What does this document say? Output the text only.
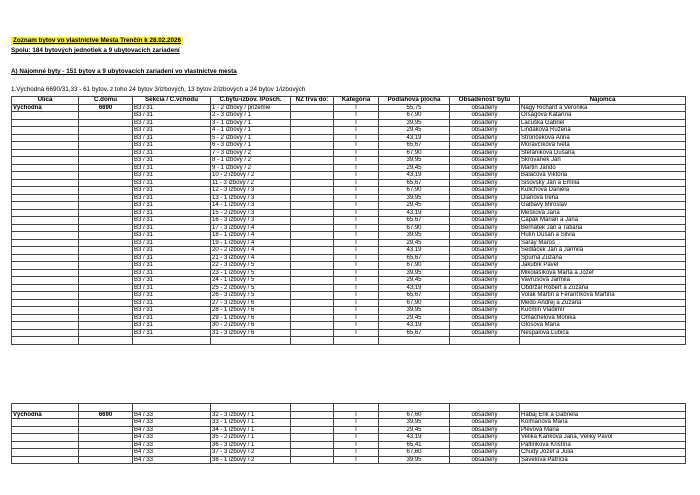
Zoznam bytov vo vlastníctve Mesta Trenčín k 28.02.2026
Spolu: 184 bytových jednotiek a 9 ubytovacích zariadení
A) Nájomné byty - 151 bytov a 9 ubytovacích zariadení vo vlastníctve mesta
1.Východná 6690/31,33 - 61 bytov, z toho 24 bytov 3/izbových, 13 bytov 2/izbových a 24 bytov 1/izbových
Ulica	C.domu	Sekcia / C.vchodu	C.bytu-izbov. /Posch.	NZ trva do:	Kategória	Podlahová plocha	Obsadenosť bytu	Nájomca
Východná	6690	B3 / 31	1 - 2 izbový / prizemie		I	55,75	obsadený	Nagy Richard a Veronika
		B3 / 31	2 - 3 izbový / 1		I	67,90	obsadený	Orságová Katarína
		B3 / 31	3 - 1 izbový / 1		I	39,95	obsadený	Lacuška Gabriel
		B3 / 31	4 - 1 izbový / 1		I	29,45	obsadený	Lindáková Ružena
		B3 / 31	5 - 2 izbový / 1		I	43,19	obsadený	Strončeková Anna
		B3 / 31	6 - 3 izbový / 1		I	65,67	obsadený	Moravčíková Iveta
		B3 / 31	7 - 3 izbový / 2		I	67,90	obsadený	Štefániková Dušana
		B3 / 31	8 - 1 izbový / 2		I	39,95	obsadený	Škrovánek Ján
		B3 / 31	9 - 1 izbový / 2		I	29,45	obsadený	Martin Jando
		B3 / 31	10 - 2 izbový / 2		I	43,19	obsadený	Baláčová Viktória
		B3 / 31	11 - 3 izbový / 2		I	65,67	obsadený	Šišovský Ján a Emília
		B3 / 31	12 - 3 izbový / 3		I	67,90	obsadený	Kulichová Daniela
		B3 / 31	13 - 1 izbový / 3		I	39,95	obsadený	Dianová Irena
		B3 / 31	14 - 1 izbový / 3		I	29,45	obsadený	Galbavý Miroslav
		B3 / 31	15 - 2 izbový / 3		I	43,19	obsadený	Mešková Jana
		B3 / 31	16 - 3 izbový / 3		I	65,67	obsadený	Čapák Marián a Jana
		B3 / 31	17 - 3 izbový / 4		I	67,90	obsadený	Bernátek Ján a Tatiana
		B3 / 31	18 - 1 izbový / 4		I	39,95	obsadený	Hulín Dušan a Silvia
		B3 / 31	19 - 1 izbový / 4		I	29,45	obsadený	Šaray Maroš
		B3 / 31	20 - 2 izbový / 4		I	43,19	obsadený	Sedláček Ján a Jarmila
		B3 / 31	21 - 3 izbový / 4		I	65,67	obsadený	Spurná Zuzana
		B3 / 31	22 - 3 izbový / 5		I	67,90	obsadený	Jakubík Pavel
		B3 / 31	23 - 1 izbový / 5		I	39,95	obsadený	Mikolášíková Marta a Jozef
		B3 / 31	24 - 1 izbový / 5		I	29,45	obsadený	Vavrušová Jarmila
		B3 / 31	25 - 2 izbový / 5		I	43,19	obsadený	Obdržal Róbert a Zuzana
		B3 / 31	26 - 3 izbový / 5		I	65,67	obsadený	Volák Martin a Feranťíková Martina
		B3 / 31	27 - 3 izbový / 6		I	67,90	obsadený	Medo Andrej a Zuzana
		B3 / 31	28 - 1 izbový / 6		I	39,95	obsadený	Kučmin Vladimír
		B3 / 31	29 - 1 izbový / 6		I	29,45	obsadený	Omachelová Monika
		B3 / 31	30 - 2 izbový / 6		I	43,19	obsadený	Glosová Mária
		B3 / 31	31 - 3 izbový / 6		I	65,67	obsadený	Nespalová Ľubica

Východná	6690	B4 / 33	32 - 3 izbový / 1		I	67,60	obsadený	Habaj Erik a Gabriela
		B4 / 33	33 - 1 izbový / 1		I	39,95	obsadený	Kolmanová Mária
		B4 / 33	34 - 1 izbový / 1		I	29,45	obsadený	Plevová Mária
		B4 / 33	35 - 2 izbový / 1		I	43,19	obsadený	Veliká Kanková Jana, Veliký Pavol
		B4 / 33	36 - 3 izbový / 1		I	65,41	obsadený	Paltinková Kristína
		B4 / 33	37 - 3 izbový / 2		I	67,60	obsadený	Chudý Jozef a Júlia
		B4 / 33	38 - 1 izbový / 2		I	39,95	obsadený	Šávelová Patrícia
